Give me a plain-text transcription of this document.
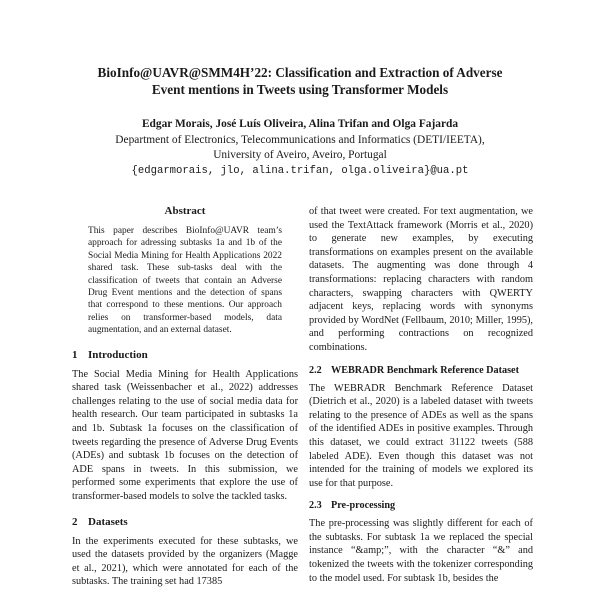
BioInfo@UAVR@SMM4H’22: Classification and Extraction of Adverse
Event mentions in Tweets using Transformer Models
Edgar Morais, José Luís Oliveira, Alina Trifan and Olga Fajarda
Department of Electronics, Telecommunications and Informatics (DETI/IEETA),
University of Aveiro, Aveiro, Portugal
{edgarmorais, jlo, alina.trifan, olga.oliveira}@ua.pt
Abstract

This paper describes BioInfo@UAVR team’s approach for adressing subtasks 1a and 1b of the Social Media Mining for Health Applications 2022 shared task. These sub-tasks deal with the classification of tweets that contain an Adverse Drug Event mentions and the detection of spans that correspond to these mentions. Our approach relies on transformer-based models, data augmentation, and an external dataset.

1 Introduction

The Social Media Mining for Health Applications shared task (Weissenbacher et al., 2022) addresses challenges relating to the use of social media data for health research. Our team participated in subtasks 1a and 1b. Subtask 1a focuses on the classification of tweets regarding the presence of Adverse Drug Events (ADEs) and subtask 1b focuses on the detection of ADE spans in tweets. In this submission, we performed some experiments that explore the use of transformer-based models to solve the tackled tasks.

2 Datasets

In the experiments executed for these subtasks, we used the datasets provided by the organizers (Magge et al., 2021), which were annotated for each of the subtasks. The training set had 17385

of that tweet were created. For text augmentation, we used the TextAttack framework (Morris et al., 2020) to generate new examples, by executing transformations on examples present on the available datasets. The augmenting was done through 4 transformations: replacing characters with random characters, swapping characters with QWERTY adjacent keys, replacing words with synonyms provided by WordNet (Fellbaum, 2010; Miller, 1995), and performing contractions on recognized combinations.

2.2 WEBRADR Benchmark Reference Dataset

The WEBRADR Benchmark Reference Dataset (Dietrich et al., 2020) is a labeled dataset with tweets relating to the presence of ADEs as well as the spans of the identified ADEs in positive examples. Through this dataset, we could extract 31122 tweets (588 labeled ADE). Even though this dataset was not intended for the training of models we explored its use for that purpose.

2.3 Pre-processing

The pre-processing was slightly different for each of the subtasks. For subtask 1a we replaced the special instance “&amp;”, with the character “&” and tokenized the tweets with the tokenizer corresponding to the model used. For subtask 1b, besides the
